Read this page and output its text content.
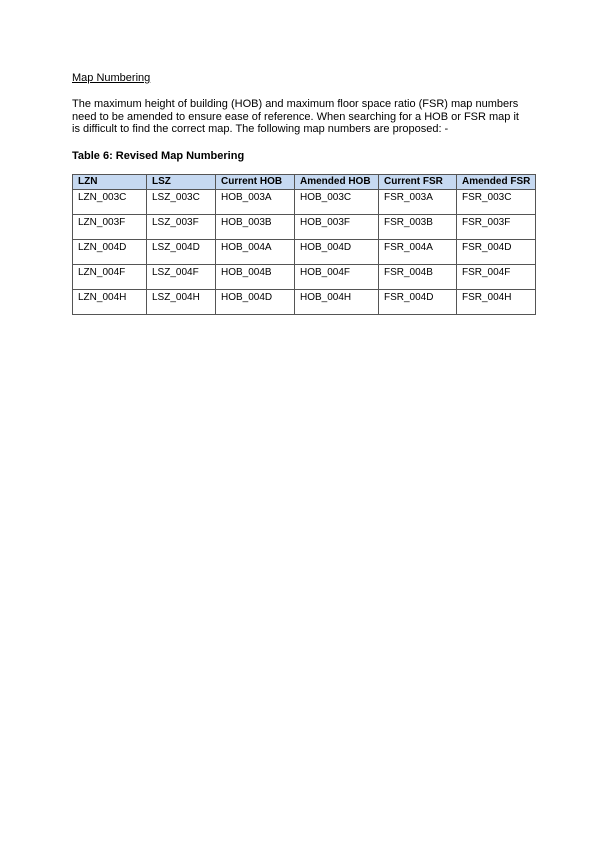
Map Numbering
The maximum height of building (HOB) and maximum floor space ratio (FSR) map numbers
need to be amended to ensure ease of reference. When searching for a HOB or FSR map it
is difficult to find the correct map. The following map numbers are proposed: -
Table 6: Revised Map Numbering
LZN	LSZ	Current HOB	Amended HOB	Current FSR	Amended FSR
LZN_003C	LSZ_003C	HOB_003A	HOB_003C	FSR_003A	FSR_003C
LZN_003F	LSZ_003F	HOB_003B	HOB_003F	FSR_003B	FSR_003F
LZN_004D	LSZ_004D	HOB_004A	HOB_004D	FSR_004A	FSR_004D
LZN_004F	LSZ_004F	HOB_004B	HOB_004F	FSR_004B	FSR_004F
LZN_004H	LSZ_004H	HOB_004D	HOB_004H	FSR_004D	FSR_004H
